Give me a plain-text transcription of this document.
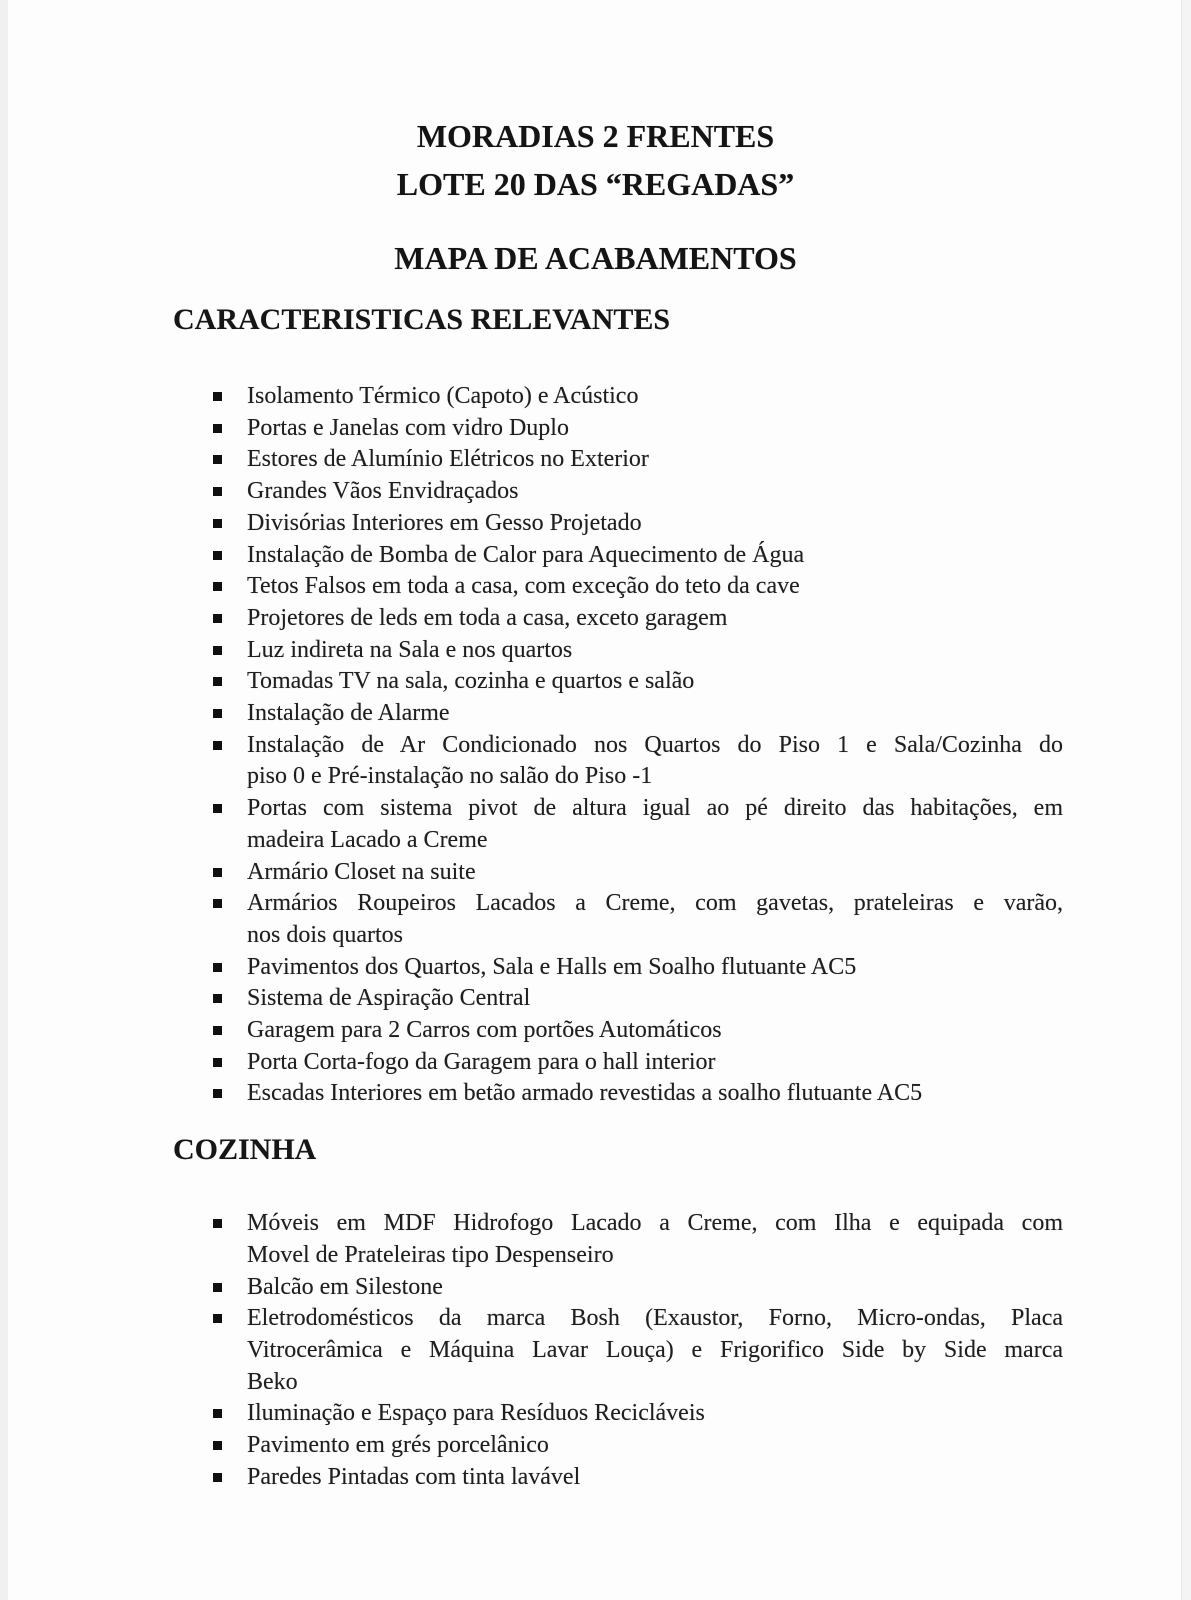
MORADIAS 2 FRENTES
LOTE 20 DAS “REGADAS”
MAPA DE ACABAMENTOS
CARACTERISTICAS RELEVANTES
Isolamento Térmico (Capoto) e Acústico
Portas e Janelas com vidro Duplo
Estores de Alumínio Elétricos no Exterior
Grandes Vãos Envidraçados
Divisórias Interiores em Gesso Projetado
Instalação de Bomba de Calor para Aquecimento de Água
Tetos Falsos em toda a casa, com exceção do teto da cave
Projetores de leds em toda a casa, exceto garagem
Luz indireta na Sala e nos quartos
Tomadas TV na sala, cozinha e quartos e salão
Instalação de Alarme
Instalação de Ar Condicionado nos Quartos do Piso 1 e Sala/Cozinha do
piso 0 e Pré-instalação no salão do Piso -1
Portas com sistema pivot de altura igual ao pé direito das habitações, em
madeira Lacado a Creme
Armário Closet na suite
Armários Roupeiros Lacados a Creme, com gavetas, prateleiras e varão,
nos dois quartos
Pavimentos dos Quartos, Sala e Halls em Soalho flutuante AC5
Sistema de Aspiração Central
Garagem para 2 Carros com portões Automáticos
Porta Corta-fogo da Garagem para o hall interior
Escadas Interiores em betão armado revestidas a soalho flutuante AC5
COZINHA
Móveis em MDF Hidrofogo Lacado a Creme, com Ilha e equipada com
Movel de Prateleiras tipo Despenseiro
Balcão em Silestone
Eletrodomésticos da marca Bosh (Exaustor, Forno, Micro-ondas, Placa
Vitrocerâmica e Máquina Lavar Louça) e Frigorifico Side by Side marca
Beko
Iluminação e Espaço para Resíduos Recicláveis
Pavimento em grés porcelânico
Paredes Pintadas com tinta lavável
